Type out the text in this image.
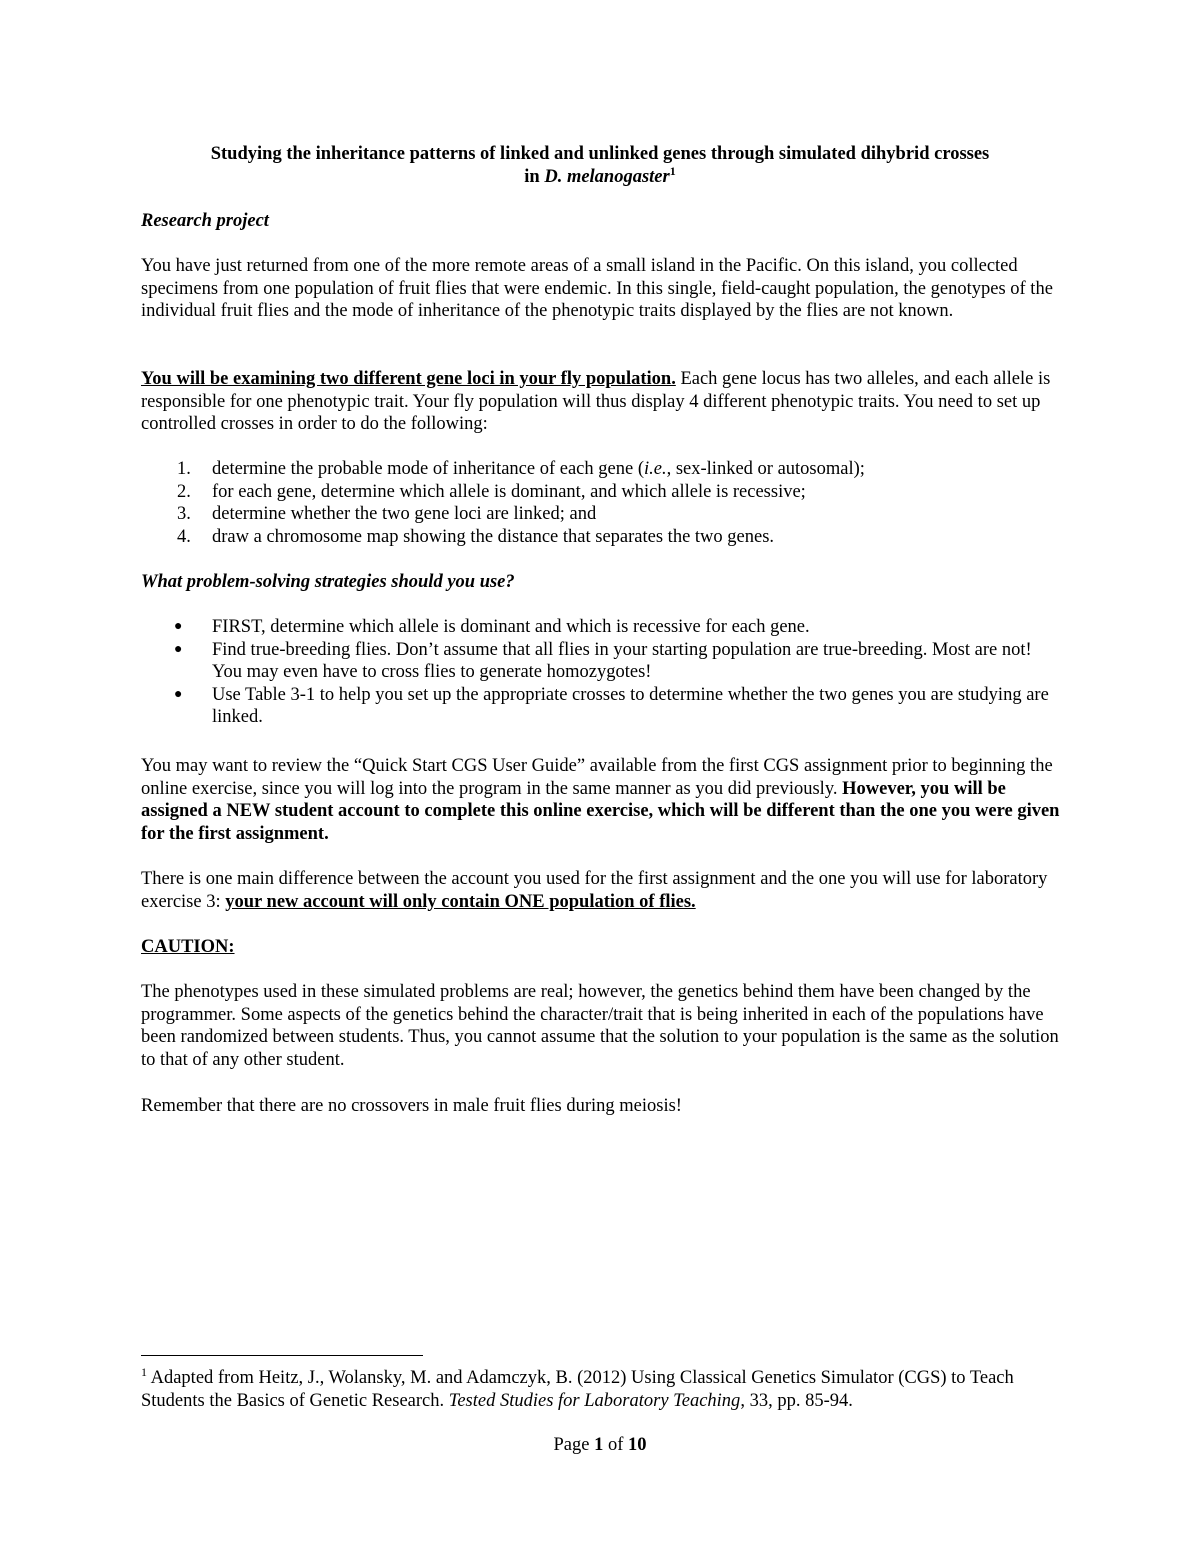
Studying the inheritance patterns of linked and unlinked genes through simulated dihybrid crosses
in D. melanogaster$^1$

Research project

You have just returned from one of the more remote areas of a small island in the Pacific. On this island, you collected specimens from one population of fruit flies that were endemic. In this single, field-caught population, the genotypes of the individual fruit flies and the mode of inheritance of the phenotypic traits displayed by the flies are not known.

You will be examining two different gene loci in your fly population. Each gene locus has two alleles, and each allele is responsible for one phenotypic trait. Your fly population will thus display 4 different phenotypic traits. You need to set up controlled crosses in order to do the following:

1. determine the probable mode of inheritance of each gene (i.e., sex-linked or autosomal);
2. for each gene, determine which allele is dominant, and which allele is recessive;
3. determine whether the two gene loci are linked; and
4. draw a chromosome map showing the distance that separates the two genes.

What problem-solving strategies should you use?

● FIRST, determine which allele is dominant and which is recessive for each gene.
● Find true-breeding flies. Don’t assume that all flies in your starting population are true-breeding. Most are not! You may even have to cross flies to generate homozygotes!
● Use Table 3-1 to help you set up the appropriate crosses to determine whether the two genes you are studying are linked.

You may want to review the “Quick Start CGS User Guide” available from the first CGS assignment prior to beginning the online exercise, since you will log into the program in the same manner as you did previously. However, you will be assigned a NEW student account to complete this online exercise, which will be different than the one you were given for the first assignment.

There is one main difference between the account you used for the first assignment and the one you will use for laboratory exercise 3: your new account will only contain ONE population of flies.

CAUTION:

The phenotypes used in these simulated problems are real; however, the genetics behind them have been changed by the programmer. Some aspects of the genetics behind the character/trait that is being inherited in each of the populations have been randomized between students. Thus, you cannot assume that the solution to your population is the same as the solution to that of any other student.

Remember that there are no crossovers in male fruit flies during meiosis!

$^1$ Adapted from Heitz, J., Wolansky, M. and Adamczyk, B. (2012) Using Classical Genetics Simulator (CGS) to Teach Students the Basics of Genetic Research. Tested Studies for Laboratory Teaching, 33, pp. 85-94.

Page 1 of 10
